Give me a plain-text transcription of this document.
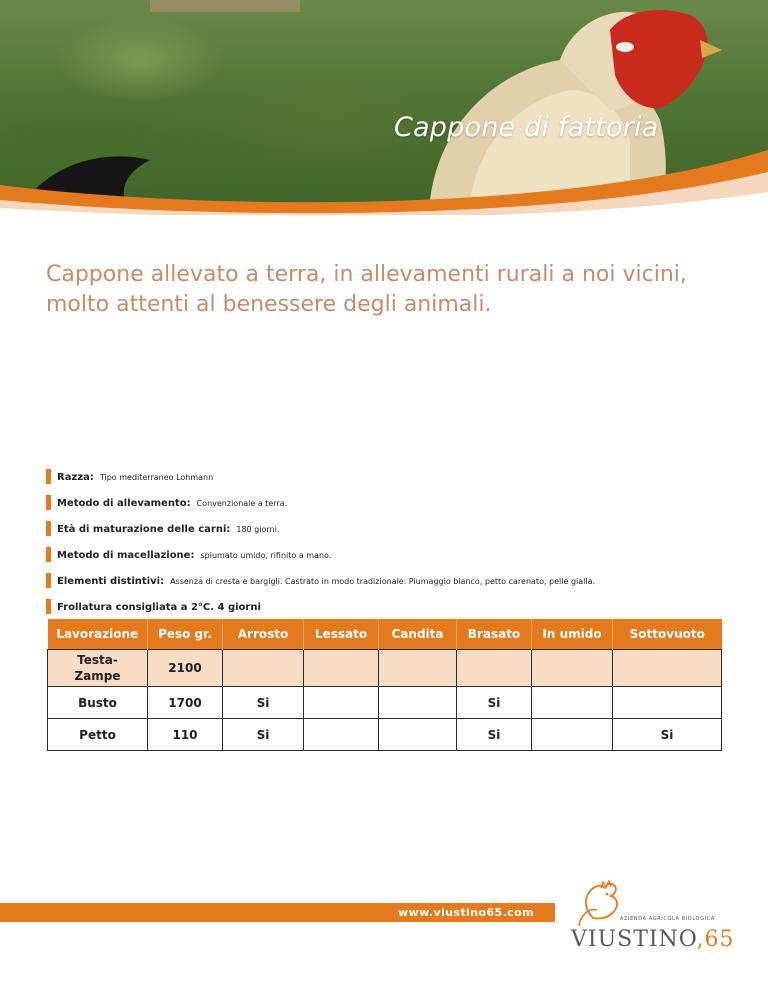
Cappone di fattoria

Cappone allevato a terra, in allevamenti rurali a noi vicini, molto attenti al benessere degli animali.

Razza: Tipo mediterraneo Lohmann
Metodo di allevamento: Convenzionale a terra.
Età di maturazione delle carni: 180 giorni.
Metodo di macellazione: spiumato umido, rifinito a mano.
Elementi distintivi: Assenza di cresta e bargigli. Castrato in modo tradizionale. Piumaggio bianco, petto carenato, pelle gialla.
Frollatura consigliata a 2°C. 4 giorni
Lavorazione	Peso gr.	Arrosto	Lessato	Candita	Brasato	In umido	Sottovuoto
Testa-Zampe	2100						
Busto	1700	Si			Si		
Petto	110	Si			Si		Si

www.viustino65.com	AZIENDA AGRICOLA BIOLOGICA
VIUSTINO,65
